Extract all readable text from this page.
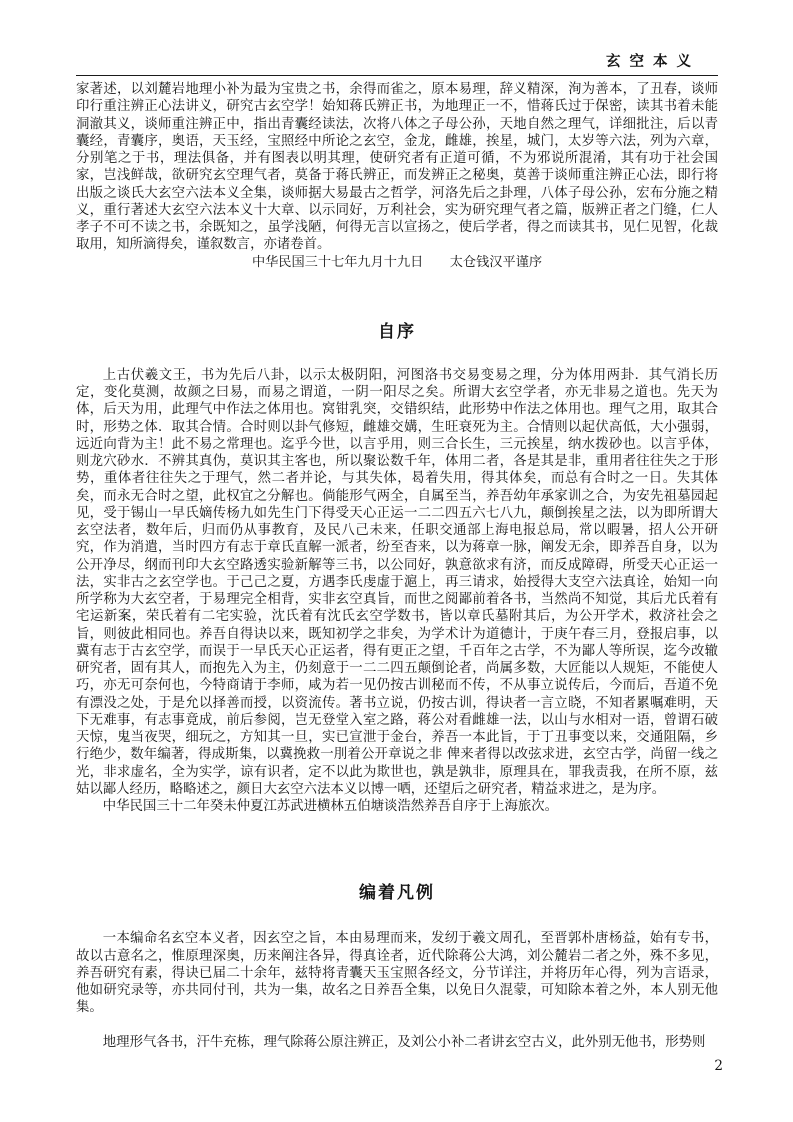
玄空本义

家著述，以刘麓岩地理小补为最为宝贵之书，余得而雀之，原本易理，辞义精深，洵为善本，了丑春，谈师印行重注辨正心法讲义，研究古玄空学！始知蒋氏辨正书，为地理正一不，惜蒋氏过于保密，读其书着未能洞澈其义，谈师重注辨正中，指出青囊经读法，次将八体之子母公孙，天地自然之理气，详细批注，后以青囊经，青囊序，奥语，天玉经，宝照经中所论之玄空，金龙，雌雄，挨星，城门，太岁等六法，列为六章，分别笔之于书，理法俱备，并有图表以明其理，使研究者有正道可循，不为邪说所混淆，其有功于社会国家，岂浅鲜哉，欲研究玄空理气者，莫备于蒋氏辨正，而发辨正之秘奥，莫善于谈师重注辨正心法，即行将出版之谈氏大玄空六法本义全集，谈师据大易最古之哲学，河洛先后之卦理，八体子母公孙，宏布分施之精义，重行著述大玄空六法本义十大章、以示同好，万利社会，实为研究理气者之篇，版辨正者之门缝，仁人孝子不可不读之书，余既知之，虽学浅陋，何得无言以宣扬之，使后学者，得之而读其书，见仁见智，化裁取用，知所滴得矣，谨叙数言，亦诸卷首。

中华民国三十七年九月十九日　　太仓钱汉平谨序

自序

上古伏羲文王，书为先后八卦，以示太极阴阳，河图洛书交易变易之理，分为体用两卦．其气消长历定，变化莫测，故颜之曰易，而易之谓道，一阴一阳尽之矣。所谓大玄空学者，亦无非易之道也。先天为体，后天为用，此理气中作法之体用也。窝钳乳突，交错织结，此形势中作法之体用也。理气之用，取其合时，形势之体．取其合情。合时则以卦气修短，雌雄交媾，生旺衰死为主。合情则以起伏高低，大小强弱，远近向背为主！此不易之常理也。迄乎今世，以言乎用，则三合长生，三元挨星，纳水拨砂也。以言乎体，则龙穴砂水．不辨其真伪，莫识其主客也，所以聚讼数千年，体用二者，各是其是非，重用者往往失之于形势，重体者往往失之于理气，然二者并论，与其失体，曷着失用，得其体矣，而总有合时之一日。失其体矣，而永无合时之望，此权宜之分解也。倘能形气两全，自属至当，养吾幼年承家训之合，为安先祖墓园起见，受于锡山一早氏嫡传杨九如先生门下得受天心正运一二二四五六七八九，颠倒挨星之法，以为即所谓大玄空法者，数年后，归而仍从事教育，及民八己未来，任职交通部上海电报总局，常以暇暑，招人公开研究，作为消遣，当时四方有志于章氏直解一派者，纷至杳来，以为蒋章一脉，阐发无余，即养吾自身，以为公开净尽，纲而刊印大玄空路透实验新解等三书，以公同好，孰意欲求有济，而反成障碍，所受天心正运一法，实非古之玄空学也。于己己之夏，方遇李氏虔虚于滬上，再三请求，始授得大支空六法真诠，始知一向所学称为大玄空者，于易理完全相背，实非玄空真旨，而世之阅鄙前着各书，当然尚不知觉，其后尤氏着有宅运新案，荣氏着有二宅实验，沈氏着有沈氏玄空学数书，皆以章氏墓附其后，为公开学术，救济社会之旨，则彼此相同也。养吾自得诀以来，既知初学之非矣，为学术计为道德计，于庚午春三月，登报启事，以冀有志于古玄空学，而误于一早氏天心正运者，得有更正之望，千百年之古学，不为鄙人等所误，迄今改辙研究者，固有其人，而抱先入为主，仍刻意于一二二四五颠倒论者，尚属多数，大匠能以人规矩，不能使人巧，亦无可奈何也，今特商请于李师，咸为若一见仍按古训秘而不传，不从事立说传后，今而后，吾道不免有漂没之处，于是允以择善而授，以资流传。著书立说，仍按古训，得诀者一言立晓，不知者累嘱难明，天下无难事，有志事竟成，前后参阅，岂无登堂入室之路，蒋公对看雌雄一法，以山与水相对一语，曾谓石破天惊，鬼当夜哭，细玩之，方知其一旦，实已宣泄于金台，养吾一本此旨，于丁丑事变以来，交通阻隔，乡行绝少，数年编著，得成斯集，以冀挽救一刖着公开章说之非 俾来者得以改弦求进，玄空古学，尚留一线之光，非求虚名，全为实学，谅有识者，定不以此为欺世也，孰是孰非，原理具在，罪我责我，在所不原，兹姑以鄙人经历，略略述之，颜日大玄空六法本义以博一哂，还望后之研究者，精益求进之，是为序。

中华民国三十二年癸未仲夏江苏武进横林五伯塘谈浩然养吾自序于上海旅次。

编着凡例

一本编命名玄空本义者，因玄空之旨，本由易理而来，发纫于羲文周孔，至晋郭朴唐杨益，始有专书，故以古意名之，惟原理深奥，历来阐注各异，得真诠者，近代除蒋公大鸿，刘公麓岩二者之外，殊不多见，养吾研究有素，得诀已届二十余年，兹特将青囊天玉宝照各经文，分节详注，并将历年心得，列为言语录，他如研究录等，亦共同付刊，共为一集，故名之日养吾全集，以免日久混蒙，可知除本着之外，本人别无他集。

地理形气各书，汗牛充栋，理气除蒋公原注辨正，及刘公小补二者讲玄空古义，此外别无他书，形势则

2
